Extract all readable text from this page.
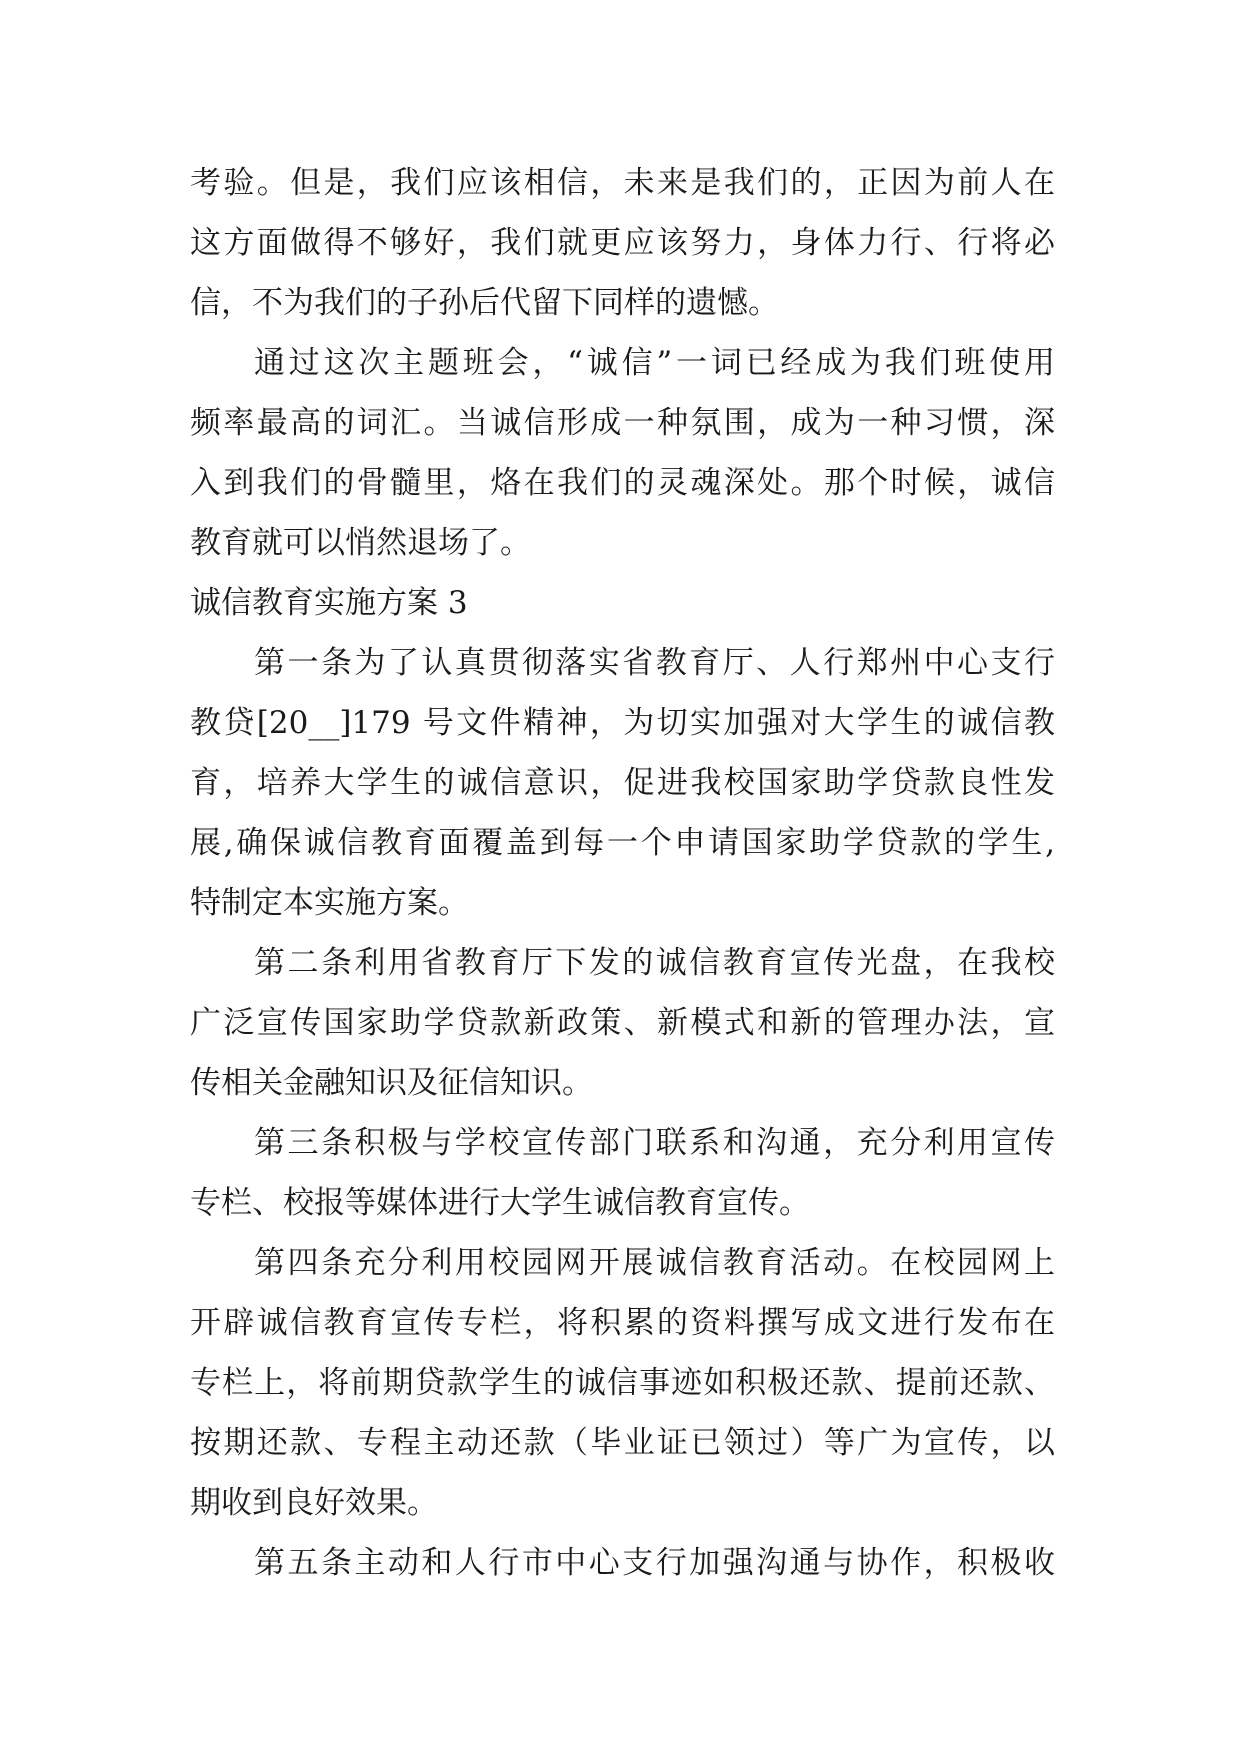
考验。但是，我们应该相信，未来是我们的，正因为前人在
这方面做得不够好，我们就更应该努力，身体力行、行将必
信，不为我们的子孙后代留下同样的遗憾。
通过这次主题班会，“诚信”一词已经成为我们班使用
频率最高的词汇。当诚信形成一种氛围，成为一种习惯，深
入到我们的骨髓里，烙在我们的灵魂深处。那个时候，诚信
教育就可以悄然退场了。
诚信教育实施方案 3
第一条为了认真贯彻落实省教育厅、人行郑州中心支行
教贷[20__]179 号文件精神，为切实加强对大学生的诚信教
育，培养大学生的诚信意识，促进我校国家助学贷款良性发
展,确保诚信教育面覆盖到每一个申请国家助学贷款的学生,
特制定本实施方案。
第二条利用省教育厅下发的诚信教育宣传光盘，在我校
广泛宣传国家助学贷款新政策、新模式和新的管理办法，宣
传相关金融知识及征信知识。
第三条积极与学校宣传部门联系和沟通，充分利用宣传
专栏、校报等媒体进行大学生诚信教育宣传。
第四条充分利用校园网开展诚信教育活动。在校园网上
开辟诚信教育宣传专栏，将积累的资料撰写成文进行发布在
专栏上，将前期贷款学生的诚信事迹如积极还款、提前还款、
按期还款、专程主动还款（毕业证已领过）等广为宣传，以
期收到良好效果。
第五条主动和人行市中心支行加强沟通与协作，积极收
